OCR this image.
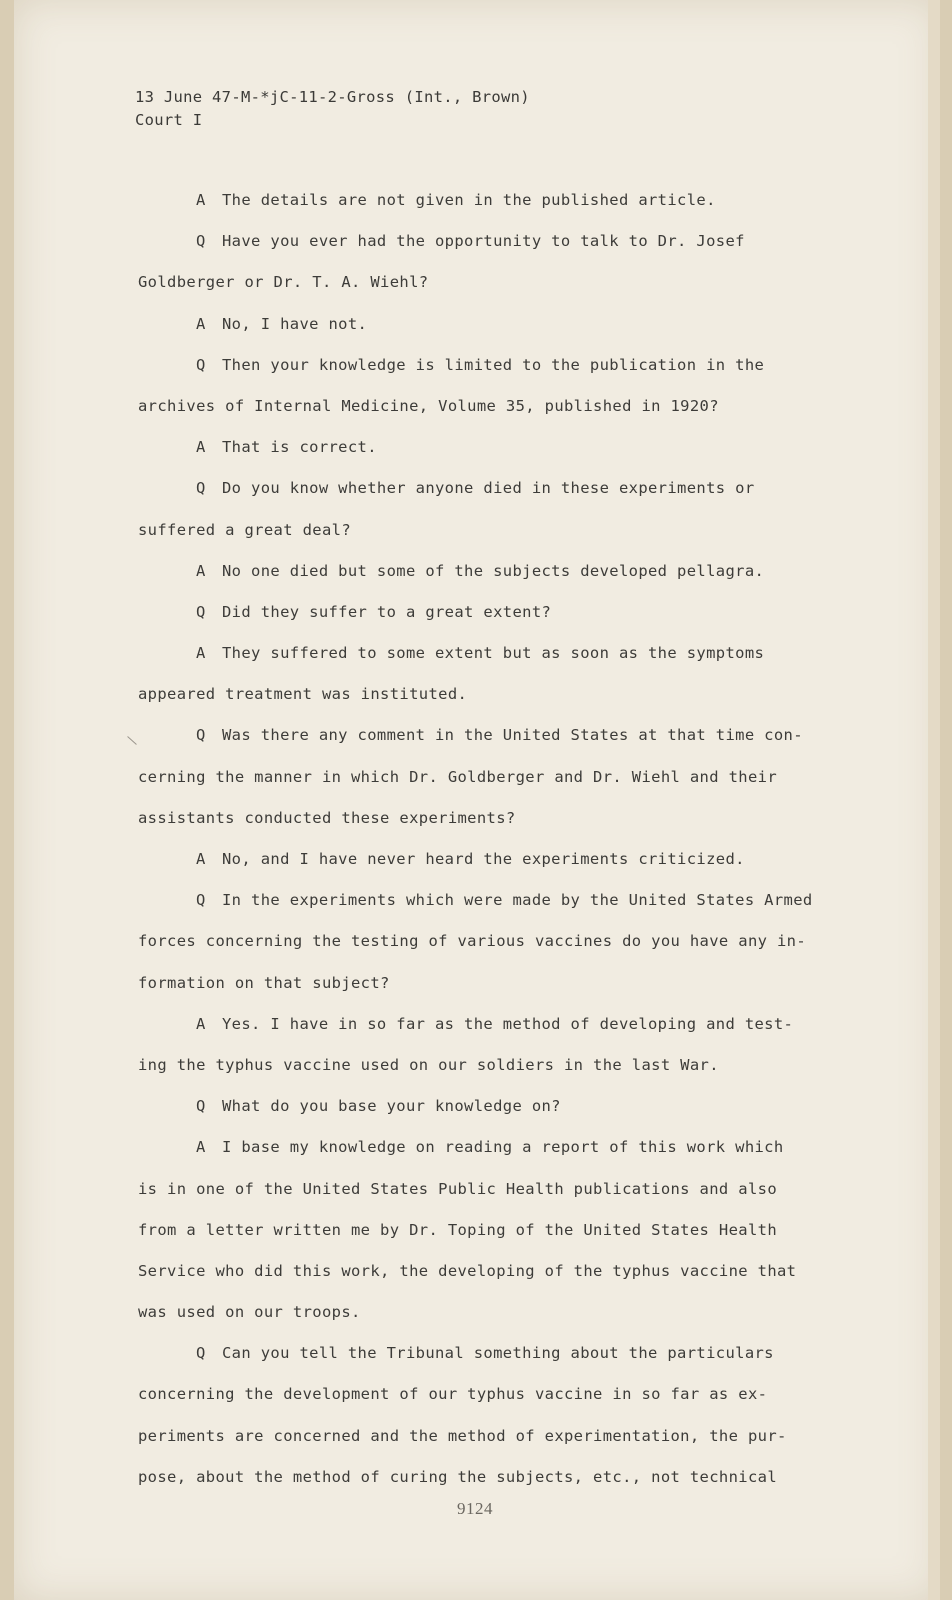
13 June 47-M-*jC-11-2-Gross (Int., Brown)
Court I
A The details are not given in the published article.
Q Have you ever had the opportunity to talk to Dr. Josef
Goldberger or Dr. T. A. Wiehl?
A No, I have not.
Q Then your knowledge is limited to the publication in the
archives of Internal Medicine, Volume 35, published in 1920?
A That is correct.
Q Do you know whether anyone died in these experiments or
suffered a great deal?
A No one died but some of the subjects developed pellagra.
Q Did they suffer to a great extent?
A They suffered to some extent but as soon as the symptoms
appeared treatment was instituted.
Q Was there any comment in the United States at that time con-
cerning the manner in which Dr. Goldberger and Dr. Wiehl and their
assistants conducted these experiments?
A No, and I have never heard the experiments criticized.
Q In the experiments which were made by the United States Armed
forces concerning the testing of various vaccines do you have any in-
formation on that subject?
A Yes. I have in so far as the method of developing and test-
ing the typhus vaccine used on our soldiers in the last War.
Q What do you base your knowledge on?
A I base my knowledge on reading a report of this work which
is in one of the United States Public Health publications and also
from a letter written me by Dr. Toping of the United States Health
Service who did this work, the developing of the typhus vaccine that
was used on our troops.
Q Can you tell the Tribunal something about the particulars
concerning the development of our typhus vaccine in so far as ex-
periments are concerned and the method of experimentation, the pur-
pose, about the method of curing the subjects, etc., not technical
9124
